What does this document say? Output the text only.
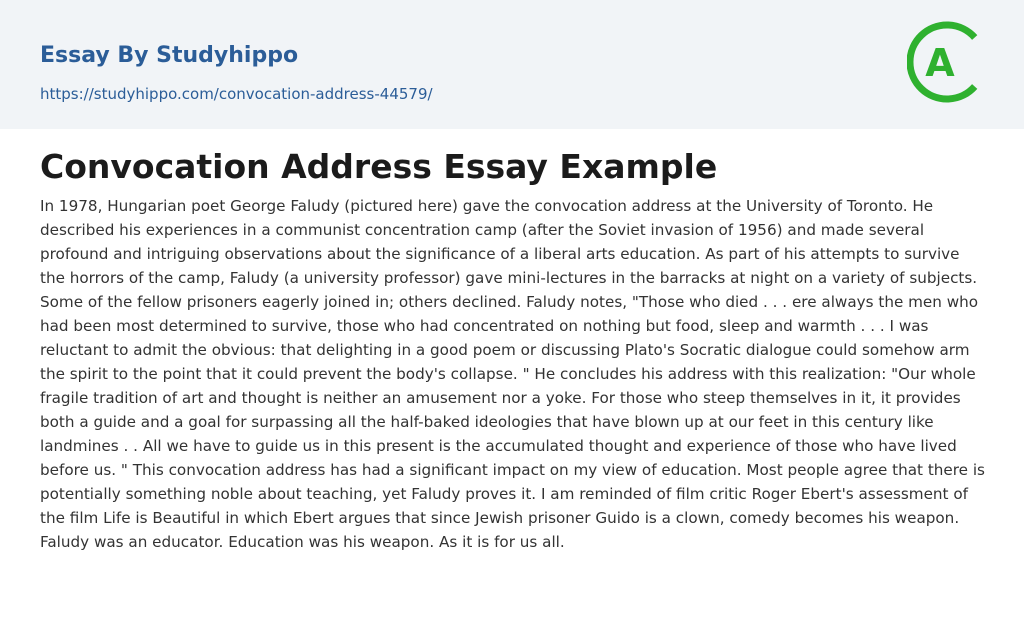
Essay By Studyhippo
https://studyhippo.com/convocation-address-44579/
A
Convocation Address Essay Example

In 1978, Hungarian poet George Faludy (pictured here) gave the convocation address at the University of Toronto. He described his experiences in a communist concentration camp (after the Soviet invasion of 1956) and made several profound and intriguing observations about the significance of a liberal arts education. As part of his attempts to survive the horrors of the camp, Faludy (a university professor) gave mini-lectures in the barracks at night on a variety of subjects. Some of the fellow prisoners eagerly joined in; others declined. Faludy notes, "Those who died . . . ere always the men who had been most determined to survive, those who had concentrated on nothing but food, sleep and warmth . . . I was reluctant to admit the obvious: that delighting in a good poem or discussing Plato's Socratic dialogue could somehow arm the spirit to the point that it could prevent the body's collapse. " He concludes his address with this realization: "Our whole fragile tradition of art and thought is neither an amusement nor a yoke. For those who steep themselves in it, it provides both a guide and a goal for surpassing all the half-baked ideologies that have blown up at our feet in this century like landmines . . All we have to guide us in this present is the accumulated thought and experience of those who have lived before us. " This convocation address has had a significant impact on my view of education. Most people agree that there is potentially something noble about teaching, yet Faludy proves it. I am reminded of film critic Roger Ebert's assessment of the film Life is Beautiful in which Ebert argues that since Jewish prisoner Guido is a clown, comedy becomes his weapon. Faludy was an educator. Education was his weapon. As it is for us all.
